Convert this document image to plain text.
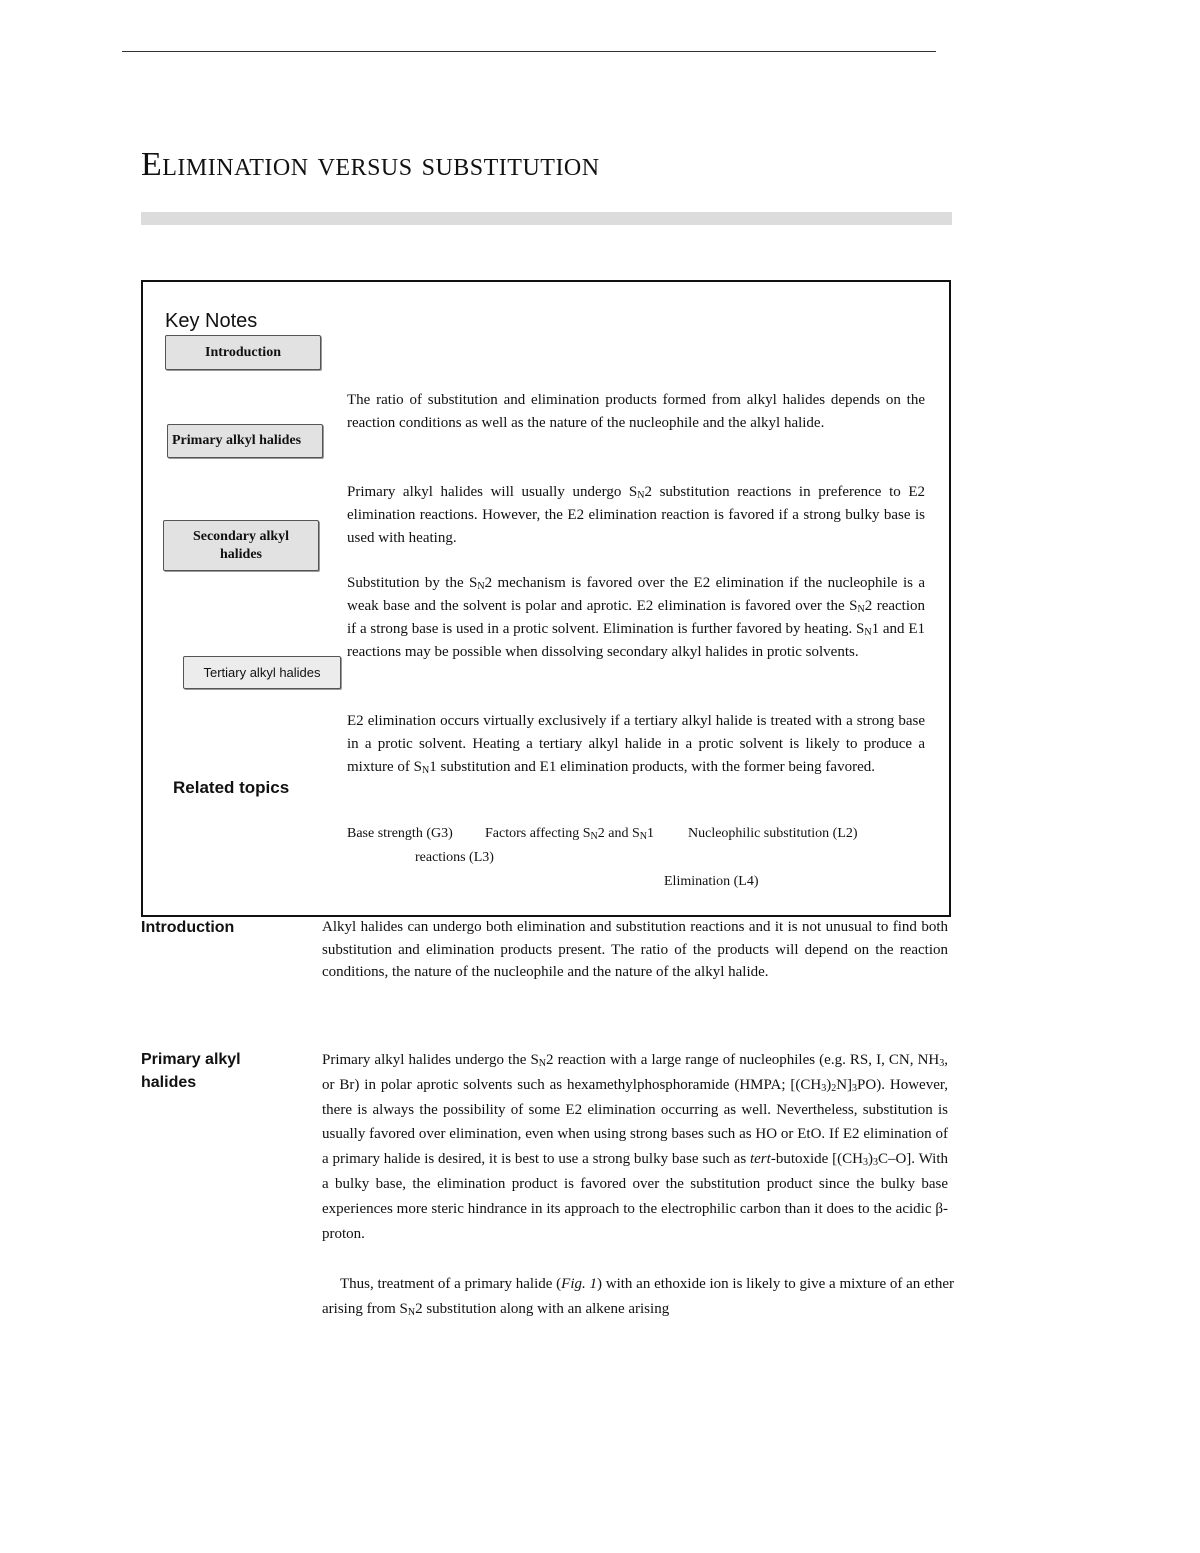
Elimination versus substitution
Key Notes
Introduction
Primary alkyl halides
Secondary alkyl
halides
Tertiary alkyl halides
Related topics

The ratio of substitution and elimination products formed from alkyl halides depends on the reaction conditions as well as the nature of the nucleophile and the alkyl halide.

Primary alkyl halides will usually undergo $S_N2$ substitution reactions in preference to E2 elimination reactions. However, the E2 elimination reaction is favored if a strong bulky base is used with heating.

Substitution by the $S_N2$ mechanism is favored over the E2 elimination if the nucleophile is a weak base and the solvent is polar and aprotic. E2 elimination is favored over the $S_N2$ reaction if a strong base is used in a protic solvent. Elimination is further favored by heating. $S_N1$ and E1 reactions may be possible when dissolving secondary alkyl halides in protic solvents.

E2 elimination occurs virtually exclusively if a tertiary alkyl halide is treated with a strong base in a protic solvent. Heating a tertiary alkyl halide in a protic solvent is likely to produce a mixture of $S_N1$ substitution and E1 elimination products, with the former being favored.

Base strength (G3) Factors affecting $S_N2$ and $S_N1$ Nucleophilic substitution (L2)
reactions (L3)
Elimination (L4)
Introduction	Alkyl halides can undergo both elimination and substitution reactions and it is not unusual to find both substitution and elimination products present. The ratio of the products will depend on the reaction conditions, the nature of the nucleophile and the nature of the alkyl halide.

Primary alkyl
halides

Primary alkyl halides undergo the $S_N2$ reaction with a large range of nucleophiles (e.g. RS, I, CN, $NH_3$, or Br) in polar aprotic solvents such as hexamethylphosphoramide (HMPA; $[(CH_3)_2N]_3PO$). However, there is always the possibility of some E2 elimination occurring as well. Nevertheless, substitution is usually favored over elimination, even when using strong bases such as HO or EtO. If E2 elimination of a primary halide is desired, it is best to use a strong bulky base such as tert-butoxide $[(CH_3)_3C-O]$. With a bulky base, the elimination product is favored over the substitution product since the bulky base experiences more steric hindrance in its approach to the electrophilic carbon than it does to the acidic β-proton.

Thus, treatment of a primary halide (Fig. 1) with an ethoxide ion is likely to give a mixture of an ether arising from $S_N2$ substitution along with an alkene arising
